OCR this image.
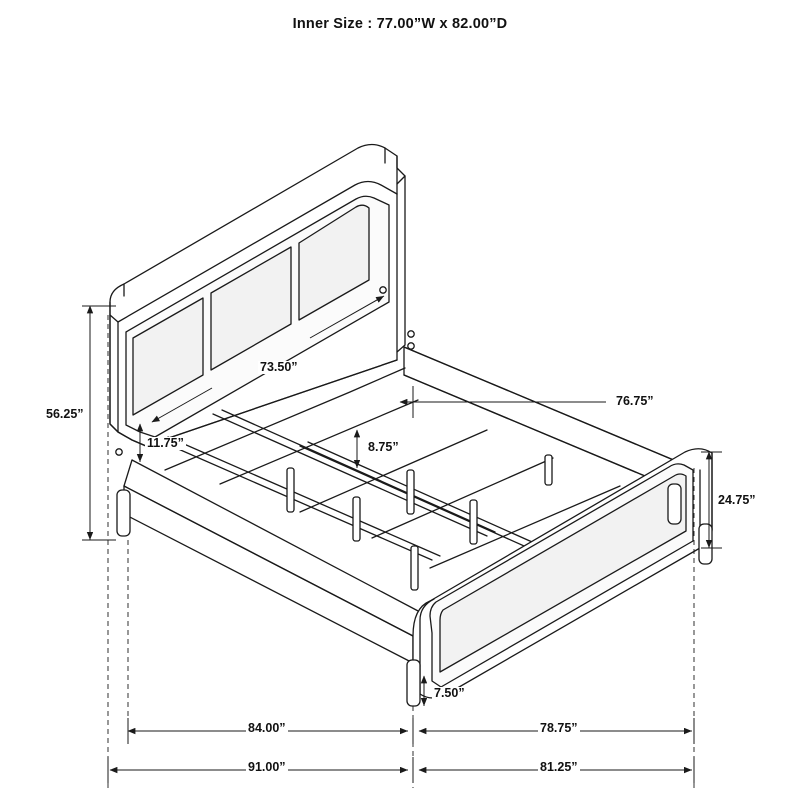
Inner Size : 77.00”W x 82.00”D
56.25”
73.50”
11.75”	8.75”
76.75”
24.75”
7.50”
84.00”	78.75”
91.00”	81.25”
